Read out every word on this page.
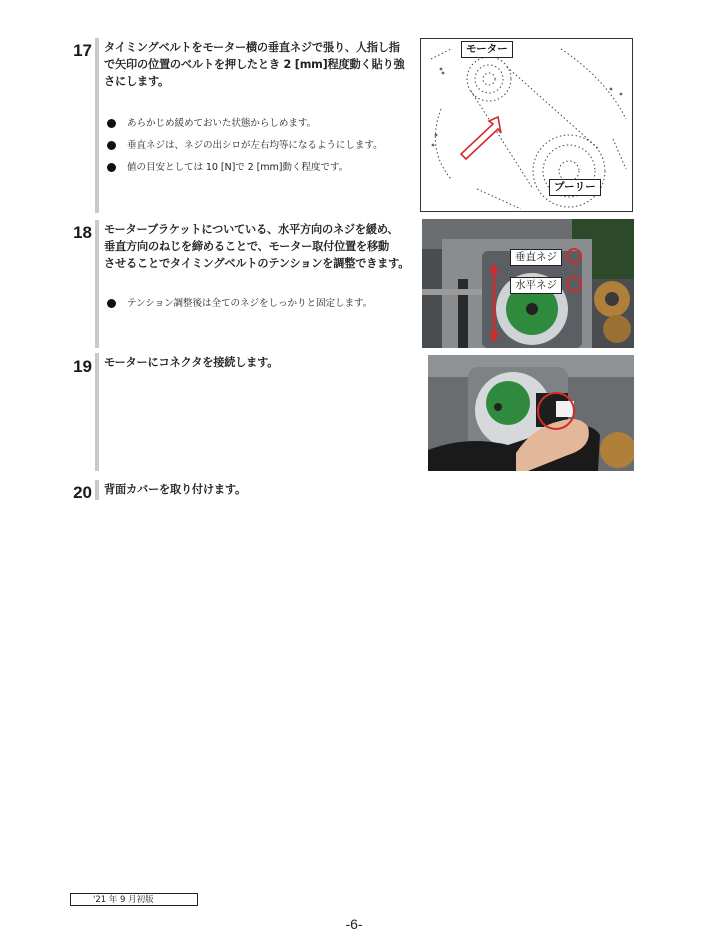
17 タイミングベルトをモーター横の垂直ネジで張り、人指し指
で矢印の位置のベルトを押したとき 2 [mm]程度動く貼り強
さにします。
あらかじめ緩めておいた状態からしめます。
垂直ネジは、ネジの出シロが左右均等になるようにします。
値の目安としては 10 [N]で 2 [mm]動く程度です。
モーター
プーリー
18 モーターブラケットについている、水平方向のネジを緩め、
垂直方向のねじを締めることで、モーター取付位置を移動
させることでタイミングベルトのテンションを調整できます。
テンション調整後は全てのネジをしっかりと固定します。
垂直ネジ
水平ネジ
19 モーターにコネクタを接続します。
20 背面カバーを取り付けます。
'21 年 9 月初版
-6-
